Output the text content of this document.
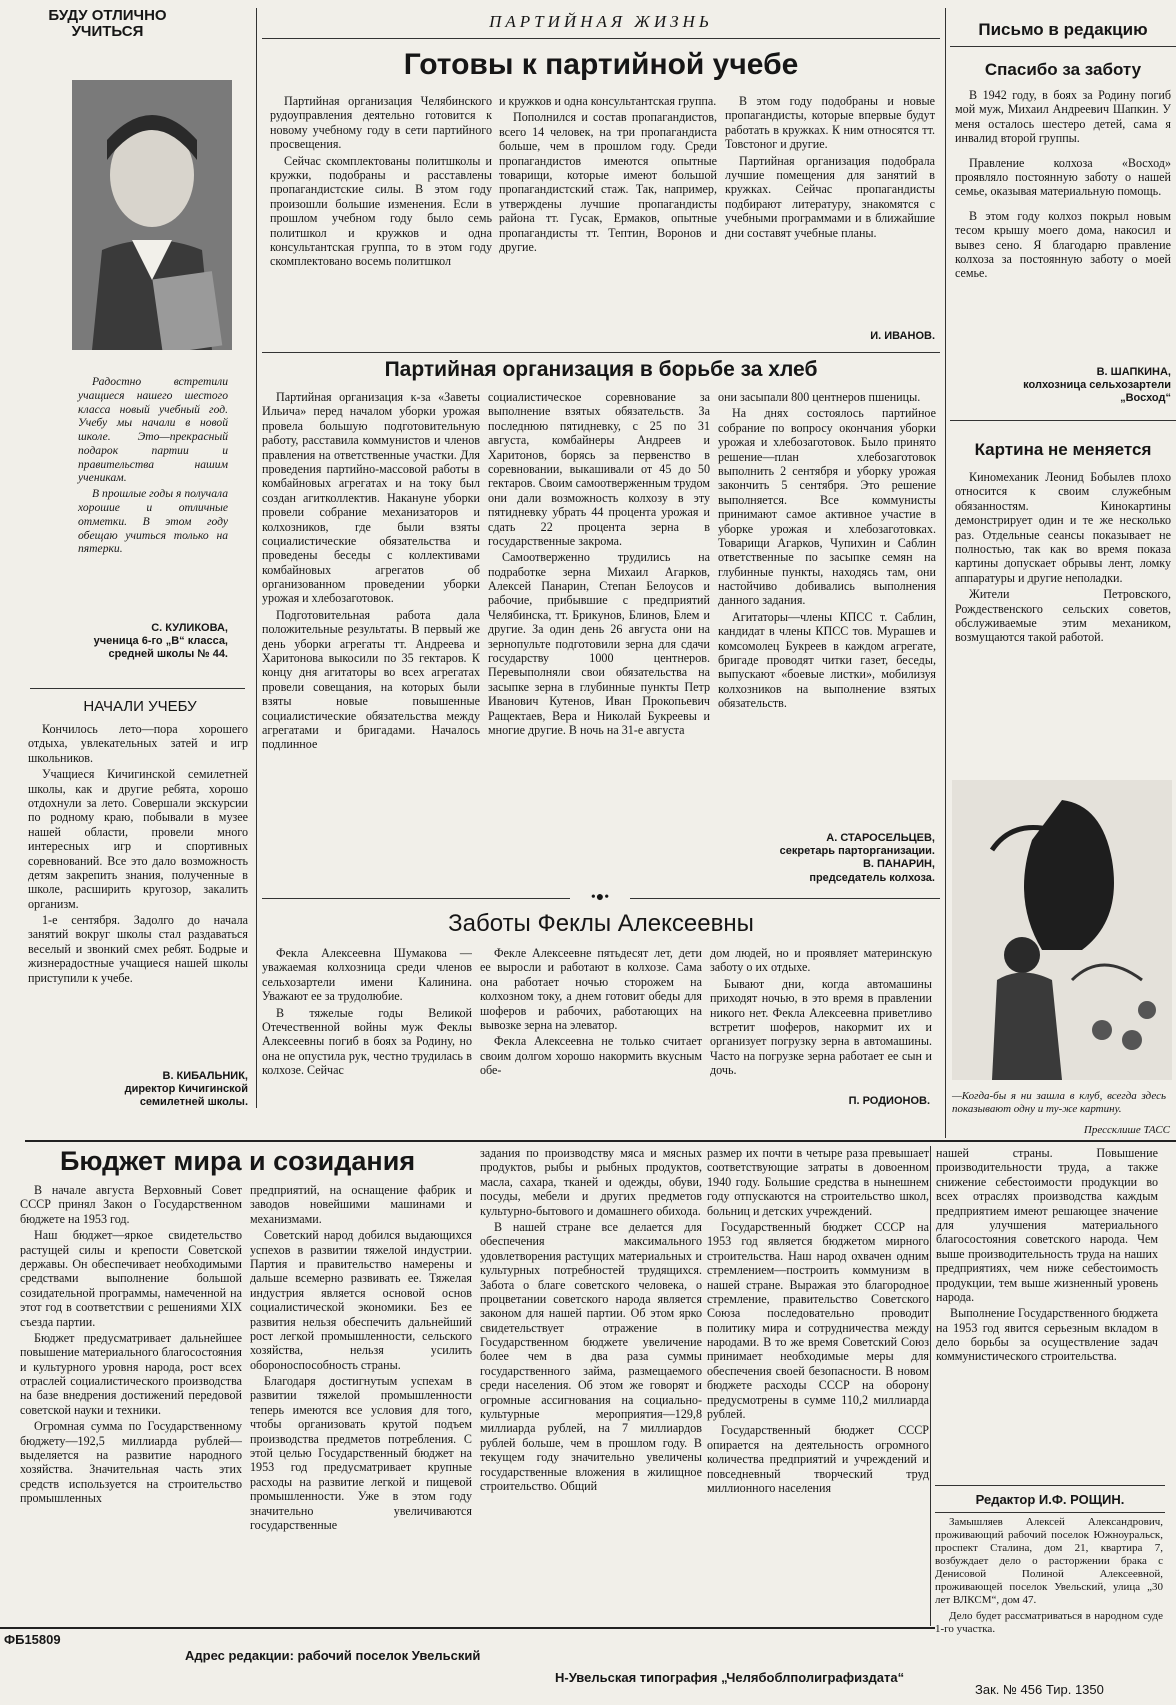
БУДУ ОТЛИЧНО
УЧИТЬСЯ

Радостно встретили учащиеся нашего шестого класса новый учебный год. Учебу мы начали в новой школе. Это—прекрасный подарок партии и правительства нашим ученикам.

В прошлые годы я получала хорошие и отличные отметки. В этом году обещаю учиться только на пятерки.

С. КУЛИКОВА,
ученица 6-го „В“ класса,
средней школы № 44.
НАЧАЛИ УЧЕБУ

Кончилось лето—пора хорошего отдыха, увлекательных затей и игр школьников.

Учащиеся Кичигинской семилетней школы, как и другие ребята, хорошо отдохнули за лето. Совершали экскурсии по родному краю, побывали в музее нашей области, провели много интересных игр и спортивных соревнований. Все это дало возможность детям закрепить знания, полученные в школе, расширить кругозор, закалить организм.

1-е сентября. Задолго до начала занятий вокруг школы стал раздаваться веселый и звонкий смех ребят. Бодрые и жизнерадостные учащиеся нашей школы приступили к учебе.

В. КИБАЛЬНИК,
директор Кичигинской
семилетней школы.
ПАРТИЙНАЯ ЖИЗНЬ
Готовы к партийной учебе

Партийная организация Челябинского рудоуправления деятельно готовится к новому учебному году в сети партийного просвещения.

Сейчас скомплектованы политшколы и кружки, подобраны и расставлены пропагандистские силы. В этом году произошли большие изменения. Если в прошлом учебном году было семь политшкол и кружков и одна консультантская группа, то в этом году скомплектовано восемь политшкол

и кружков и одна консультантская группа.

Пополнился и состав пропагандистов, всего 14 человек, на три пропагандиста больше, чем в прошлом году. Среди пропагандистов имеются опытные товарищи, которые имеют большой пропагандистский стаж. Так, например, утверждены лучшие пропагандисты района тт. Гусак, Ермаков, опытные пропагандисты тт. Тептин, Воронов и другие.

В этом году подобраны и новые пропагандисты, которые впервые будут работать в кружках. К ним относятся тт. Товстоног и другие.

Партийная организация подобрала лучшие помещения для занятий в кружках. Сейчас пропагандисты подбирают литературу, знакомятся с учебными программами и в ближайшие дни составят учебные планы.

И. ИВАНОВ.
Партийная организация в борьбе за хлеб

Партийная организация к-за «Заветы Ильича» перед началом уборки урожая провела большую подготовительную работу, расставила коммунистов и членов правления на ответственные участки. Для проведения партийно-массовой работы в комбайновых агрегатах и на току был создан агитколлектив. Накануне уборки провели собрание механизаторов и колхозников, где были взяты социалистические обязательства и проведены беседы с коллективами комбайновых агрегатов об организованном проведении уборки урожая и хлебозаготовок.

Подготовительная работа дала положительные результаты. В первый же день уборки агрегаты тт. Андреева и Харитонова выкосили по 35 гектаров. К концу дня агитаторы во всех агрегатах провели совещания, на которых были взяты новые повышенные социалистические обязательства между агрегатами и бригадами. Началось подлинное

социалистическое соревнование за выполнение взятых обязательств. За последнюю пятидневку, с 25 по 31 августа, комбайнеры Андреев и Харитонов, борясь за первенство в соревновании, выкашивали от 45 до 50 гектаров. Своим самоотверженным трудом они дали возможность колхозу в эту пятидневку убрать 44 процента урожая и сдать 22 процента зерна в государственные закрома.

Самоотверженно трудились на подработке зерна Михаил Агарков, Алексей Панарин, Степан Белоусов и рабочие, прибывшие с предприятий Челябинска, тт. Брикунов, Блинов, Блем и другие. За один день 26 августа они на зернопульте подготовили зерна для сдачи государству 1000 центнеров. Перевыполняли свои обязательства на засыпке зерна в глубинные пункты Петр Иванович Кутенов, Иван Прокопьевич Ращектаев, Вера и Николай Букреевы и многие другие. В ночь на 31-е августа

они засыпали 800 центнеров пшеницы.

На днях состоялось партийное собрание по вопросу окончания уборки урожая и хлебозаготовок. Было принято решение—план хлебозаготовок выполнить 2 сентября и уборку урожая закончить 5 сентября. Это решение выполняется. Все коммунисты принимают самое активное участие в уборке урожая и хлебозаготовках. Товарищи Агарков, Чупихин и Саблин ответственные по засыпке семян на глубинные пункты, находясь там, они настойчиво добивались выполнения данного задания.

Агитаторы—члены КПСС т. Саблин, кандидат в члены КПСС тов. Мурашев и комсомолец Букреев в каждом агрегате, бригаде проводят читки газет, беседы, выпускают «боевые листки», мобилизуя колхозников на выполнение взятых обязательств.

А. СТАРОСЕЛЬЦЕВ,
секретарь парторганизации.
В. ПАНАРИН,
председатель колхоза.
•●•
Заботы Феклы Алексеевны

Фекла Алексеевна Шумакова — уважаемая колхозница среди членов сельхозартели имени Калинина. Уважают ее за трудолюбие.

В тяжелые годы Великой Отечественной войны муж Феклы Алексеевны погиб в боях за Родину, но она не опустила рук, честно трудилась в колхозе. Сейчас

Фекле Алексеевне пятьдесят лет, дети ее выросли и работают в колхозе. Сама она работает ночью сторожем на колхозном току, а днем готовит обеды для шоферов и рабочих, работающих на вывозке зерна на элеватор.

Фекла Алексеевна не только считает своим долгом хорошо накормить вкусным обе-

дом людей, но и проявляет материнскую заботу о их отдыхе.

Бывают дни, когда автомашины приходят ночью, в это время в правлении никого нет. Фекла Алексеевна приветливо встретит шоферов, накормит их и организует погрузку зерна в автомашины. Часто на погрузке зерна работает ее сын и дочь.

П. РОДИОНОВ.
Письмо в редакцию
Спасибо за заботу

В 1942 году, в боях за Родину погиб мой муж, Михаил Андреевич Шапкин. У меня осталось шестеро детей, сама я инвалид второй группы.

Правление колхоза «Восход» проявляло постоянную заботу о нашей семье, оказывая материальную помощь.

В этом году колхоз покрыл новым тесом крышу моего дома, накосил и вывез сено. Я благодарю правление колхоза за постоянную заботу о моей семье.

В. ШАПКИНА,
колхозница сельхозартели
„Восход“
Картина не меняется

Киномеханик Леонид Бобылев плохо относится к своим служебным обязанностям. Кинокартины демонстрирует один и те же несколько раз. Отдельные сеансы показывает не полностью, так как во время показа картины допускает обрывы лент, ломку аппаратуры и другие неполадки.

Жители Петровского, Рождественского сельских советов, обслуживаемые этим механиком, возмущаются такой работой.

—Когда-бы я ни зашла в клуб, всегда здесь показывают одну и ту-же картину.
Прессклише ТАСС
Бюджет мира и созидания

В начале августа Верховный Совет СССР принял Закон о Государственном бюджете на 1953 год.

Наш бюджет—яркое свидетельство растущей силы и крепости Советской державы. Он обеспечивает необходимыми средствами выполнение большой созидательной программы, намеченной на этот год в соответствии с решениями XIX съезда партии.

Бюджет предусматривает дальнейшее повышение материального благосостояния и культурного уровня народа, рост всех отраслей социалистического производства на базе внедрения достижений передовой советской науки и техники.

Огромная сумма по Государственному бюджету—192,5 миллиарда рублей—выделяется на развитие народного хозяйства. Значительная часть этих средств используется на строительство промышленных

предприятий, на оснащение фабрик и заводов новейшими машинами и механизмами.

Советский народ добился выдающихся успехов в развитии тяжелой индустрии. Партия и правительство намерены и дальше всемерно развивать ее. Тяжелая индустрия является основой основ социалистической экономики. Без ее развития нельзя обеспечить дальнейший рост легкой промышленности, сельского хозяйства, нельзя усилить обороноспособность страны.

Благодаря достигнутым успехам в развитии тяжелой промышленности теперь имеются все условия для того, чтобы организовать крутой подъем производства предметов потребления. С этой целью Государственный бюджет на 1953 год предусматривает крупные расходы на развитие легкой и пищевой промышленности. Уже в этом году значительно увеличиваются государственные

задания по производству мяса и мясных продуктов, рыбы и рыбных продуктов, масла, сахара, тканей и одежды, обуви, посуды, мебели и других предметов культурно-бытового и домашнего обихода.

В нашей стране все делается для обеспечения максимального удовлетворения растущих материальных и культурных потребностей трудящихся. Забота о благе советского человека, о процветании советского народа является законом для нашей партии. Об этом ярко свидетельствует отражение в Государственном бюджете увеличение более чем в два раза суммы государственного займа, размещаемого среди населения. Об этом же говорят и огромные ассигнования на социально-культурные мероприятия—129,8 миллиарда рублей, на 7 миллиардов рублей больше, чем в прошлом году. В текущем году значительно увеличены государственные вложения в жилищное строительство. Общий

размер их почти в четыре раза превышает соответствующие затраты в довоенном 1940 году. Большие средства в нынешнем году отпускаются на строительство школ, больниц и детских учреждений.

Государственный бюджет СССР на 1953 год является бюджетом мирного строительства. Наш народ охвачен одним стремлением—построить коммунизм в нашей стране. Выражая это благородное стремление, правительство Советского Союза последовательно проводит политику мира и сотрудничества между народами. В то же время Советский Союз принимает необходимые меры для обеспечения своей безопасности. В новом бюджете расходы СССР на оборону предусмотрены в сумме 110,2 миллиарда рублей.

Государственный бюджет СССР опирается на деятельность огромного количества предприятий и учреждений и повседневный творческий труд миллионного населения

нашей страны. Повышение производительности труда, а также снижение себестоимости продукции во всех отраслях производства каждым предприятием имеют решающее значение для улучшения материального благосостояния советского народа. Чем выше производительность труда на наших предприятиях, чем ниже себестоимость продукции, тем выше жизненный уровень народа.

Выполнение Государственного бюджета на 1953 год явится серьезным вкладом в дело борьбы за осуществление задач коммунистического строительства.

Редактор И.Ф. РОЩИН.

Замышляев Алексей Александрович, проживающий рабочий поселок Южноуральск, проспект Сталина, дом 21, квартира 7, возбуждает дело о расторжении брака с Денисовой Полиной Алексеевной, проживающей поселок Увельский, улица „30 лет ВЛКСМ“, дом 47.

Дело будет рассматриваться в народном суде 1-го участка.

ФБ15809
Адрес редакции: рабочий поселок Увельский
Н-Увельская типография „Челябоблполиграфиздата“
Зак. № 456 Тир. 1350
